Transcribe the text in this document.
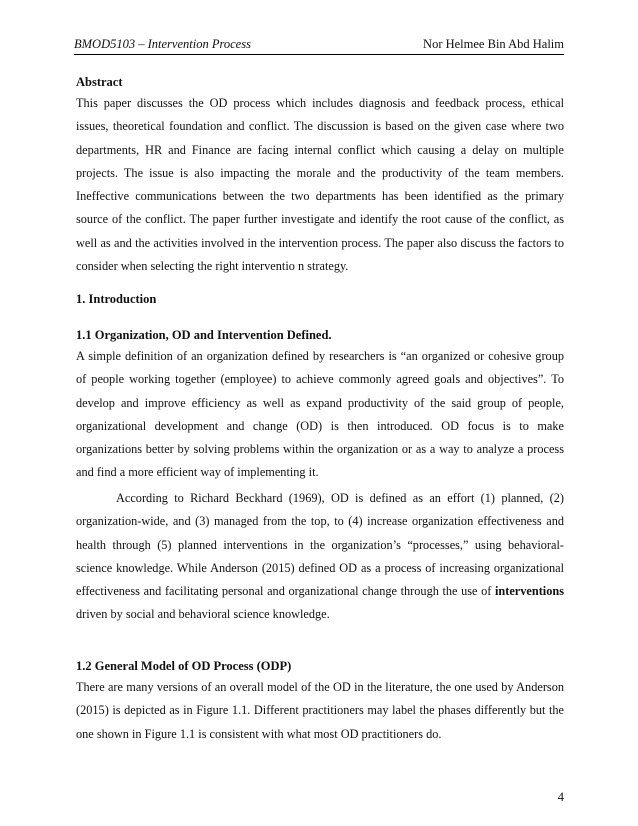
BMOD5103 – Intervention Process	Nor Helmee Bin Abd Halim
Abstract
This paper discusses the OD process which includes diagnosis and feedback process, ethical issues, theoretical foundation and conflict. The discussion is based on the given case where two departments, HR and Finance are facing internal conflict which causing a delay on multiple projects. The issue is also impacting the morale and the productivity of the team members. Ineffective communications between the two departments has been identified as the primary source of the conflict. The paper further investigate and identify the root cause of the conflict, as well as and the activities involved in the intervention process. The paper also discuss the factors to consider when selecting the right interventio n strategy.
1. Introduction
1.1 Organization, OD and Intervention Defined.
A simple definition of an organization defined by researchers is “an organized or cohesive group of people working together (employee) to achieve commonly agreed goals and objectives”. To develop and improve efficiency as well as expand productivity of the said group of people, organizational development and change (OD) is then introduced. OD focus is to make organizations better by solving problems within the organization or as a way to analyze a process and find a more efficient way of implementing it.
According to Richard Beckhard (1969), OD is defined as an effort (1) planned, (2) organization-wide, and (3) managed from the top, to (4) increase organization effectiveness and health through (5) planned interventions in the organization’s “processes,” using behavioral-science knowledge. While Anderson (2015) defined OD as a process of increasing organizational effectiveness and facilitating personal and organizational change through the use of interventions driven by social and behavioral science knowledge.
1.2 General Model of OD Process (ODP)
There are many versions of an overall model of the OD in the literature, the one used by Anderson (2015) is depicted as in Figure 1.1. Different practitioners may label the phases differently but the one shown in Figure 1.1 is consistent with what most OD practitioners do.
4
